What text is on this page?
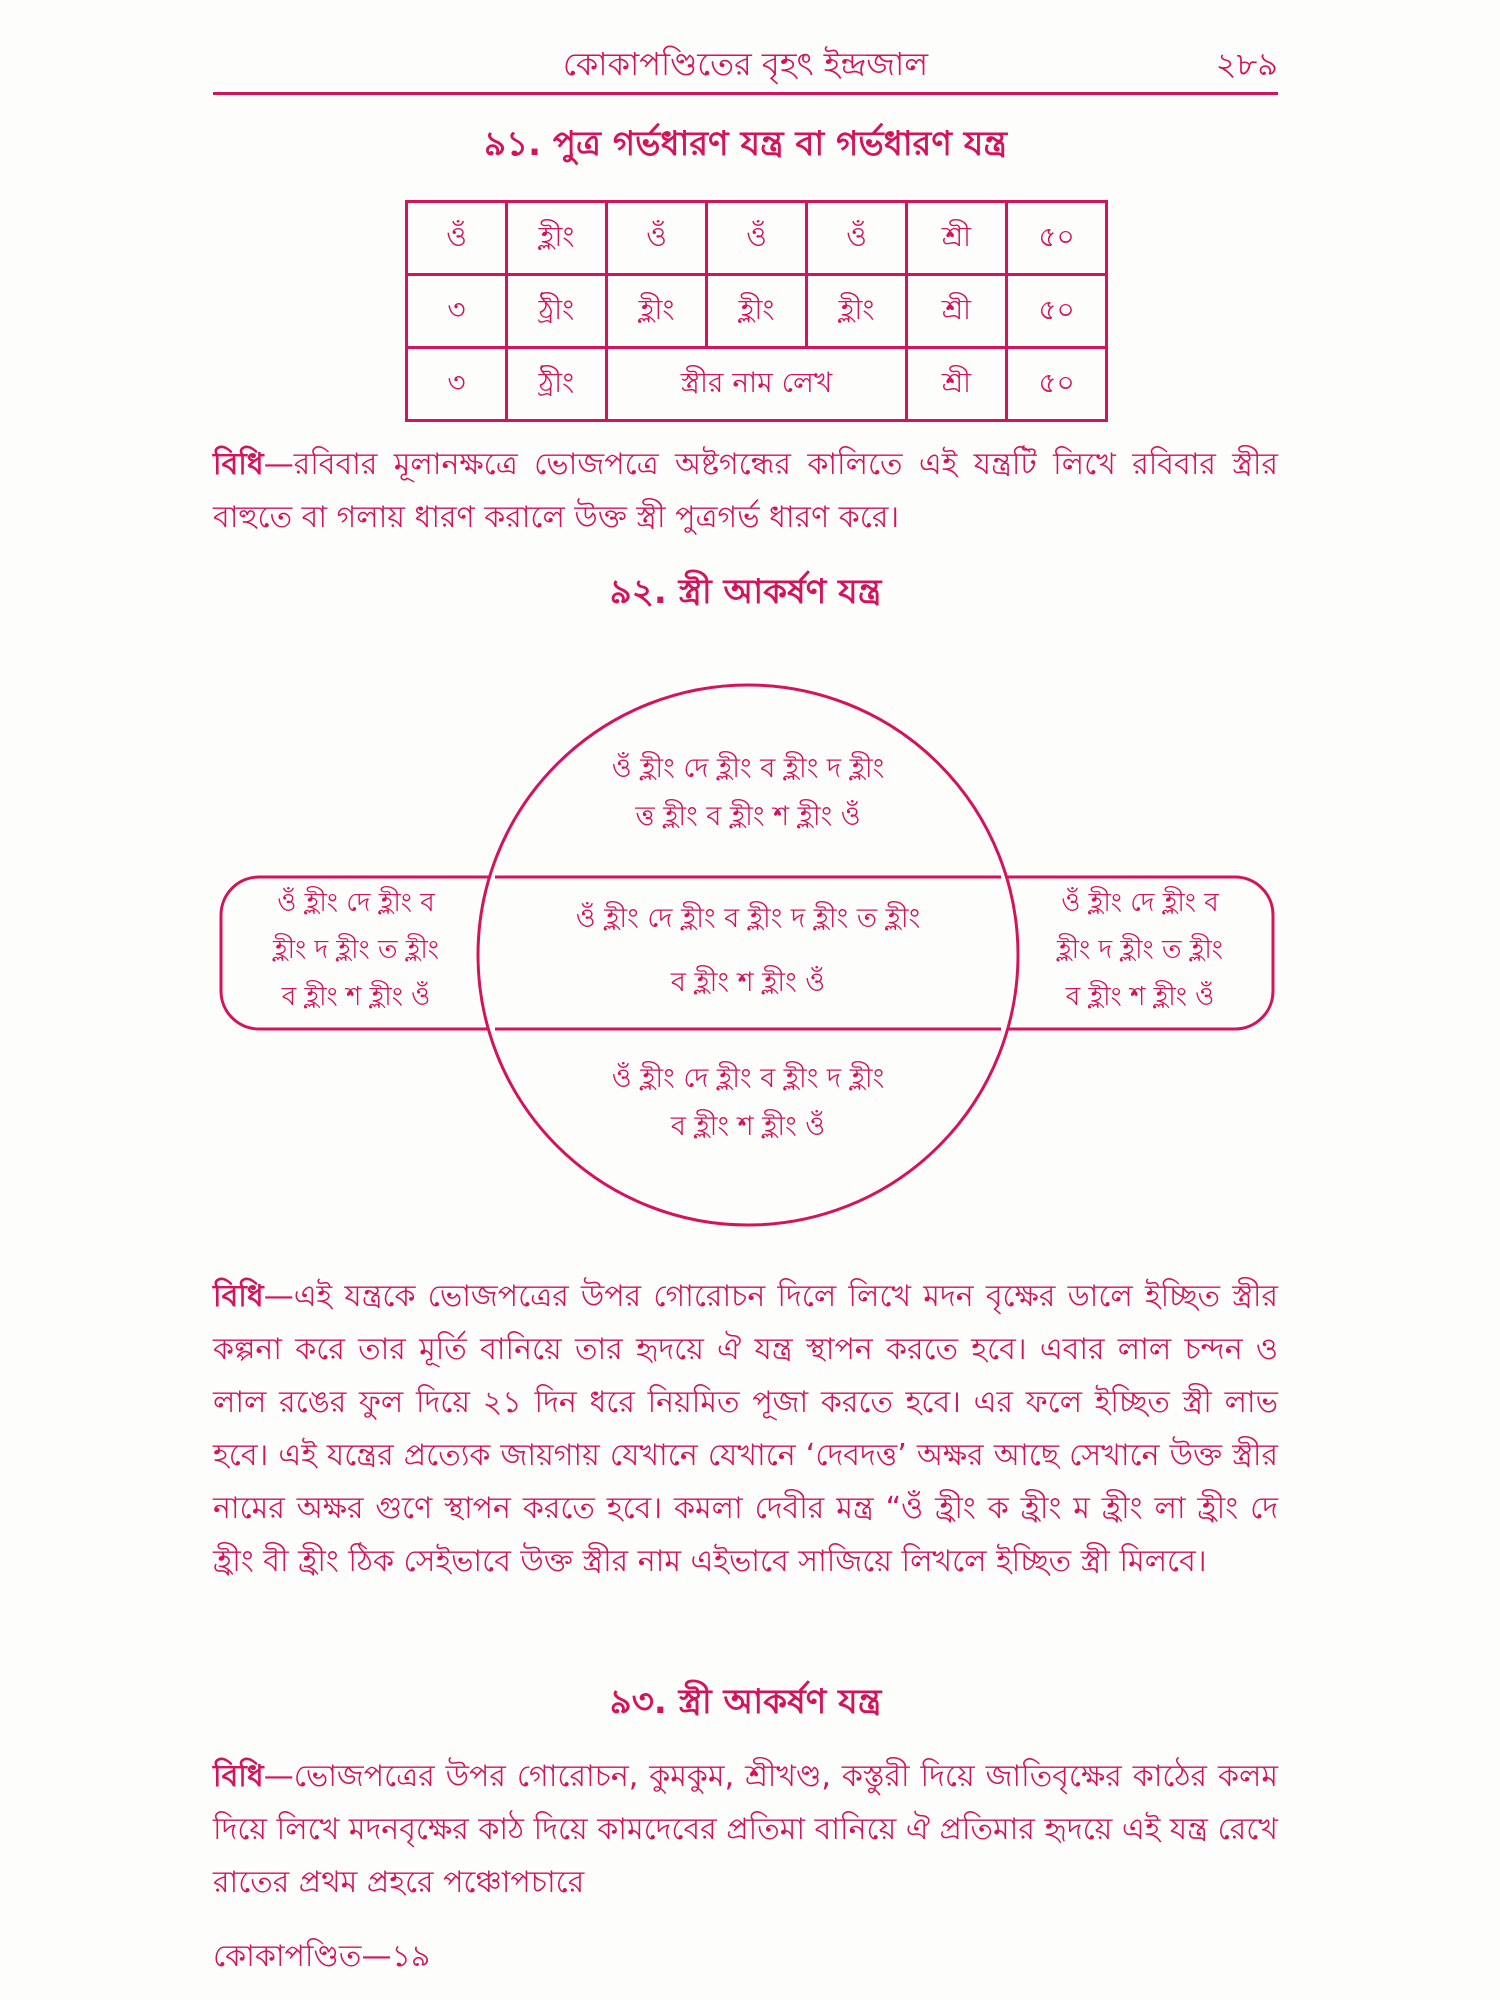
কোকাপণ্ডিতের বৃহৎ ইন্দ্রজাল	২৮৯
৯১. পুত্র গর্ভধারণ যন্ত্র বা গর্ভধারণ যন্ত্র
ওঁ	হ্লীং	ওঁ	ওঁ	ওঁ	শ্রী	৫০
৩	ঠ্রীং	হ্লীং	হ্লীং	হ্লীং	শ্রী	৫০
৩	ঠ্রীং	স্ত্রীর নাম লেখ			শ্রী	৫০
বিধি—রবিবার মূলানক্ষত্রে ভোজপত্রে অষ্টগন্ধের কালিতে এই যন্ত্রটি লিখে রবিবার স্ত্রীর বাহুতে বা গলায় ধারণ করালে উক্ত স্ত্রী পুত্রগর্ভ ধারণ করে।
৯২. স্ত্রী আকর্ষণ যন্ত্র
ওঁ হ্লীং দে হ্লীং ব হ্লীং দ হ্লীং
ত্ত হ্লীং ব হ্লীং শ হ্লীং ওঁ
ওঁ হ্লীং দে হ্লীং ব হ্লীং দ হ্লীং ত হ্লীং
ব হ্লীং শ হ্লীং ওঁ
ওঁ হ্লীং দে হ্লীং ব হ্লীং দ হ্লীং
ব হ্লীং শ হ্লীং ওঁ
ওঁ হ্লীং দে হ্লীং ব
হ্লীং দ হ্লীং ত হ্লীং
ব হ্লীং শ হ্লীং ওঁ
ওঁ হ্লীং দে হ্লীং ব
হ্লীং দ হ্লীং ত হ্লীং
ব হ্লীং শ হ্লীং ওঁ
বিধি—এই যন্ত্রকে ভোজপত্রের উপর গোরোচন দিলে লিখে মদন বৃক্ষের ডালে ইচ্ছিত স্ত্রীর কল্পনা করে তার মূর্তি বানিয়ে তার হৃদয়ে ঐ যন্ত্র স্থাপন করতে হবে। এবার লাল চন্দন ও লাল রঙের ফুল দিয়ে ২১ দিন ধরে নিয়মিত পূজা করতে হবে। এর ফলে ইচ্ছিত স্ত্রী লাভ হবে। এই যন্ত্রের প্রত্যেক জায়গায় যেখানে যেখানে ‘দেবদত্ত’ অক্ষর আছে সেখানে উক্ত স্ত্রীর নামের অক্ষর গুণে স্থাপন করতে হবে। কমলা দেবীর মন্ত্র “ওঁ হ্রীং ক হ্রীং ম হ্রীং লা হ্রীং দে হ্রীং বী হ্রীং ঠিক সেইভাবে উক্ত স্ত্রীর নাম এইভাবে সাজিয়ে লিখলে ইচ্ছিত স্ত্রী মিলবে।
৯৩. স্ত্রী আকর্ষণ যন্ত্র
বিধি—ভোজপত্রের উপর গোরোচন, কুমকুম, শ্রীখণ্ড, কস্তুরী দিয়ে জাতিবৃক্ষের কাঠের কলম দিয়ে লিখে মদনবৃক্ষের কাঠ দিয়ে কামদেবের প্রতিমা বানিয়ে ঐ প্রতিমার হৃদয়ে এই যন্ত্র রেখে রাতের প্রথম প্রহরে পঞ্চোপচারে
কোকাপণ্ডিত—১৯
